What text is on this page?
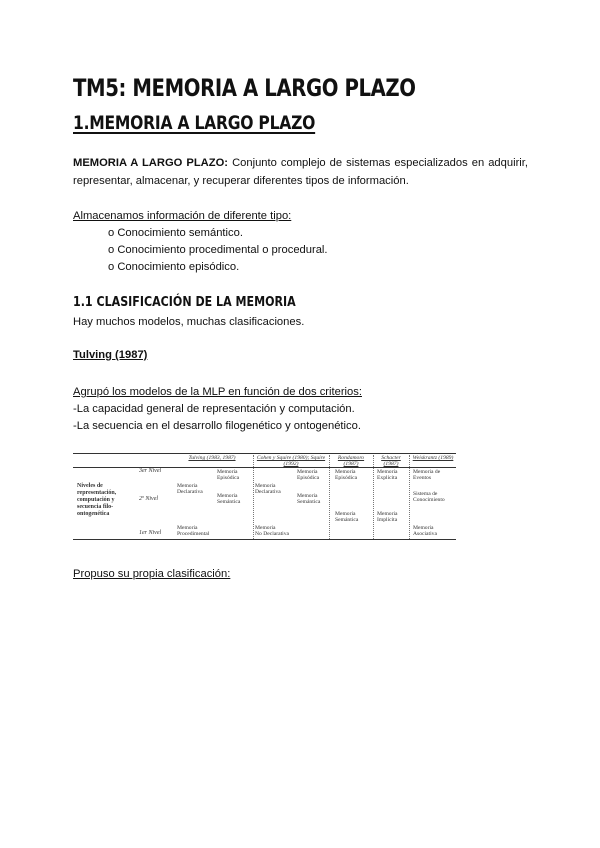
TM5: MEMORIA A LARGO PLAZO
1.MEMORIA A LARGO PLAZO
MEMORIA A LARGO PLAZO: Conjunto complejo de sistemas especializados en adquirir, representar, almacenar, y recuperar diferentes tipos de información.
Almacenamos información de diferente tipo:
o Conocimiento semántico.
o Conocimiento procedimental o procedural.
o Conocimiento episódico.
1.1 CLASIFICACIÓN DE LA MEMORIA
Hay muchos modelos, muchas clasificaciones.
Tulving (1987)
Agrupó los modelos de la MLP en función de dos criterios:
-La capacidad general de representación y computación.
-La secuencia en el desarrollo filogenético y ontogenético.
Tulving (1983, 1987)	Cohen y Squire (1980); Squire (1992)
Rondamoro (1987)
Schacter (1987)
Weiskrantz (1989)
Niveles de
representación,
computación y
secuencia filo-
ontogenética
3er Nivel
2º Nivel
1er Nivel
Memoria
Episódica
Memoria
Declarativa
Memoria
Semántica
Memoria
Procedimental
Memoria
Episódica
Memoria
Declarativa
Memoria
Semántica
Memoria
No Declarativa
Memoria
Episódica
Memoria
Semántica
Memoria
Explícita
Memoria
Implícita
Memoria de
Eventos
Sistema de
Conocimiento
Memoria
Asociativa
Propuso su propia clasificación:
